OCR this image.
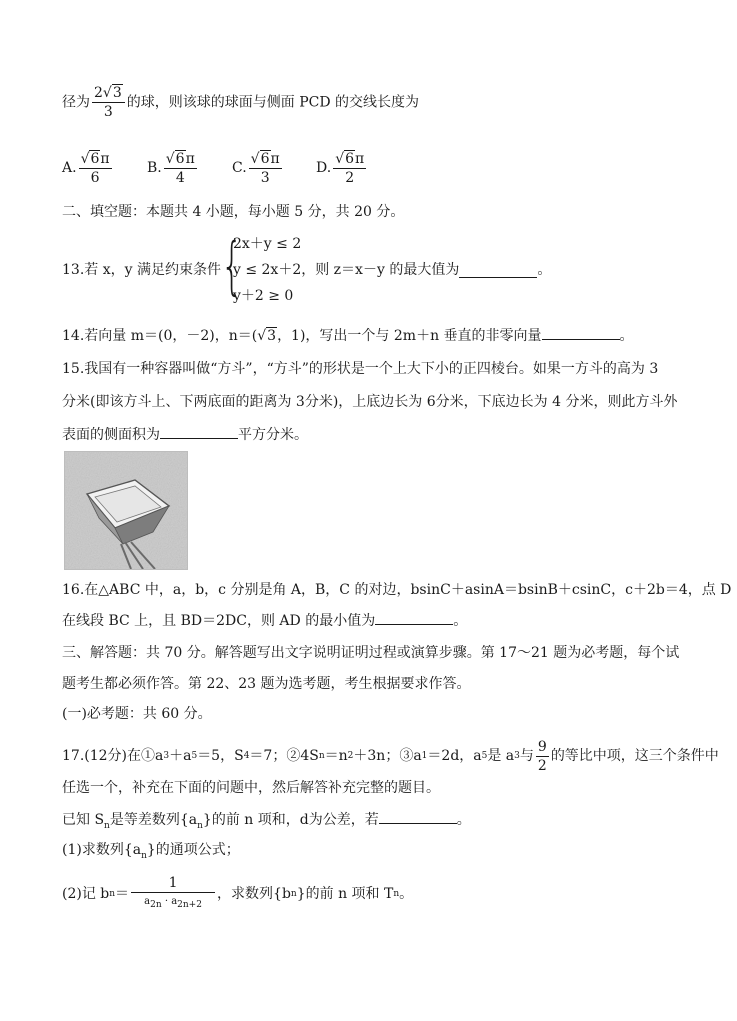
径为 $\frac{2√3}{3}$ 的球，则该球的球面与侧面 PCD 的交线长度为
A. $\frac{√6\pi}{6}$	B. $\frac{√6\pi}{4}$	C. $\frac{√6\pi}{3} D$. $\frac{√6\pi}{2}$
二、填空题：本题共 4 小题，每小题 5 分，共 20 分。
13.若 x，y 满足约束条件 {
2x＋y ≤ 2
y ≤ 2x＋2
y＋2 ≥ 0
，则 z＝x－y 的最大值为	。
14.若向量 m＝(0，－2)，n＝(√3，1)，写出一个与 2m＋n 垂直的非零向量	。
15.我国有一种容器叫做“方斗”，“方斗”的形状是一个上大下小的正四棱台。如果一方斗的高为 3
分米(即该方斗上、下两底面的距离为 3分米)，上底边长为 6分米，下底边长为 4 分米，则此方斗外
表面的侧面积为	平方分米。
16.在△ABC 中，a，b，c 分别是角 A，B，C 的对边，bsinC＋asinA＝bsinB＋csinC，c＋2b＝4，点 D
在线段 BC 上，且 BD＝2DC，则 AD 的最小值为	。
三、解答题：共 70 分。解答题写出文字说明证明过程或演算步骤。第 17～21 题为必考题，每个试
题考生都必须作答。第 22、23 题为选考题，考生根据要求作答。
(一)必考题：共 60 分。
17.(12分)在①a 3 ＋a 5 ＝5，S 4 ＝7；②4S n ＝n 2 ＋3n；③a 1 ＝2d，a 5 是 a 3 与 $\frac{9}{2}$ 的等比中项，这三个条件中
任选一个，补充在下面的问题中，然后解答补充完整的题目。
已知 $S_n$是等差数列$\{a_n\}$的前 n 项和，d为公差，若	。
(1)求数列$\{a_n\}$的通项公式；
(2)记 b $n = \frac{1}{a_{2n} \cdot a_{2n+2}}$ ，求数列{b n }的前 n 项和 T n 。
